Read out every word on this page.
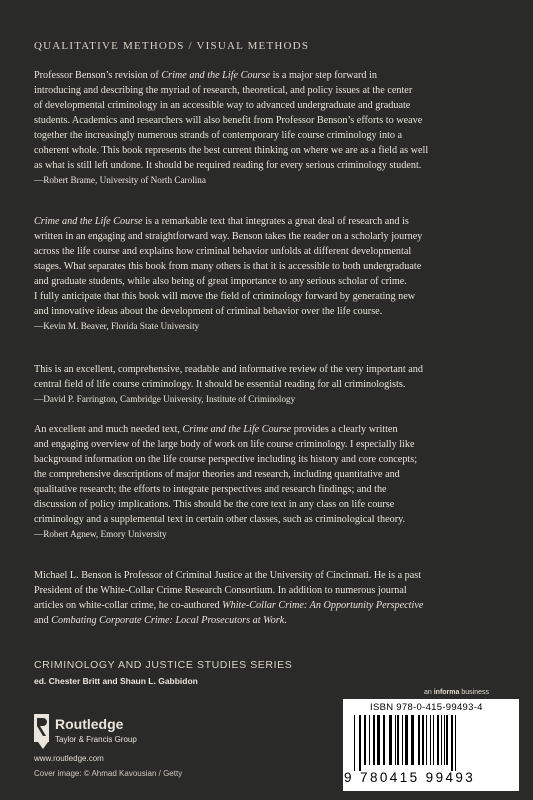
QUALITATIVE METHODS / VISUAL METHODS

Professor Benson’s revision of Crime and the Life Course is a major step forward in
introducing and describing the myriad of research, theoretical, and policy issues at the center
of developmental criminology in an accessible way to advanced undergraduate and graduate
students. Academics and researchers will also benefit from Professor Benson’s efforts to weave
together the increasingly numerous strands of contemporary life course criminology into a
coherent whole. This book represents the best current thinking on where we are as a field as well
as what is still left undone. It should be required reading for every serious criminology student.

—Robert Brame, University of North Carolina

Crime and the Life Course is a remarkable text that integrates a great deal of research and is
written in an engaging and straightforward way. Benson takes the reader on a scholarly journey
across the life course and explains how criminal behavior unfolds at different developmental
stages. What separates this book from many others is that it is accessible to both undergraduate
and graduate students, while also being of great importance to any serious scholar of crime.
I fully anticipate that this book will move the field of criminology forward by generating new
and innovative ideas about the development of criminal behavior over the life course.

—Kevin M. Beaver, Florida State University

This is an excellent, comprehensive, readable and informative review of the very important and
central field of life course criminology. It should be essential reading for all criminologists.

—David P. Farrington, Cambridge University, Institute of Criminology

An excellent and much needed text, Crime and the Life Course provides a clearly written
and engaging overview of the large body of work on life course criminology. I especially like
background information on the life course perspective including its history and core concepts;
the comprehensive descriptions of major theories and research, including quantitative and
qualitative research; the efforts to integrate perspectives and research findings; and the
discussion of policy implications. This should be the core text in any class on life course
criminology and a supplemental text in certain other classes, such as criminological theory.

—Robert Agnew, Emory University

Michael L. Benson is Professor of Criminal Justice at the University of Cincinnati. He is a past
President of the White-Collar Crime Research Consortium. In addition to numerous journal
articles on white-collar crime, he co-authored White-Collar Crime: An Opportunity Perspective
and Combating Corporate Crime: Local Prosecutors at Work.

CRIMINOLOGY AND JUSTICE STUDIES SERIES
ed. Chester Britt and Shaun L. Gabbidon
Routledge
Taylor & Francis Group
www.routledge.com
Cover image: © Ahmad Kavousian / Getty
an informa business
ISBN 978-0-415-99493-4
9 780415 99493
